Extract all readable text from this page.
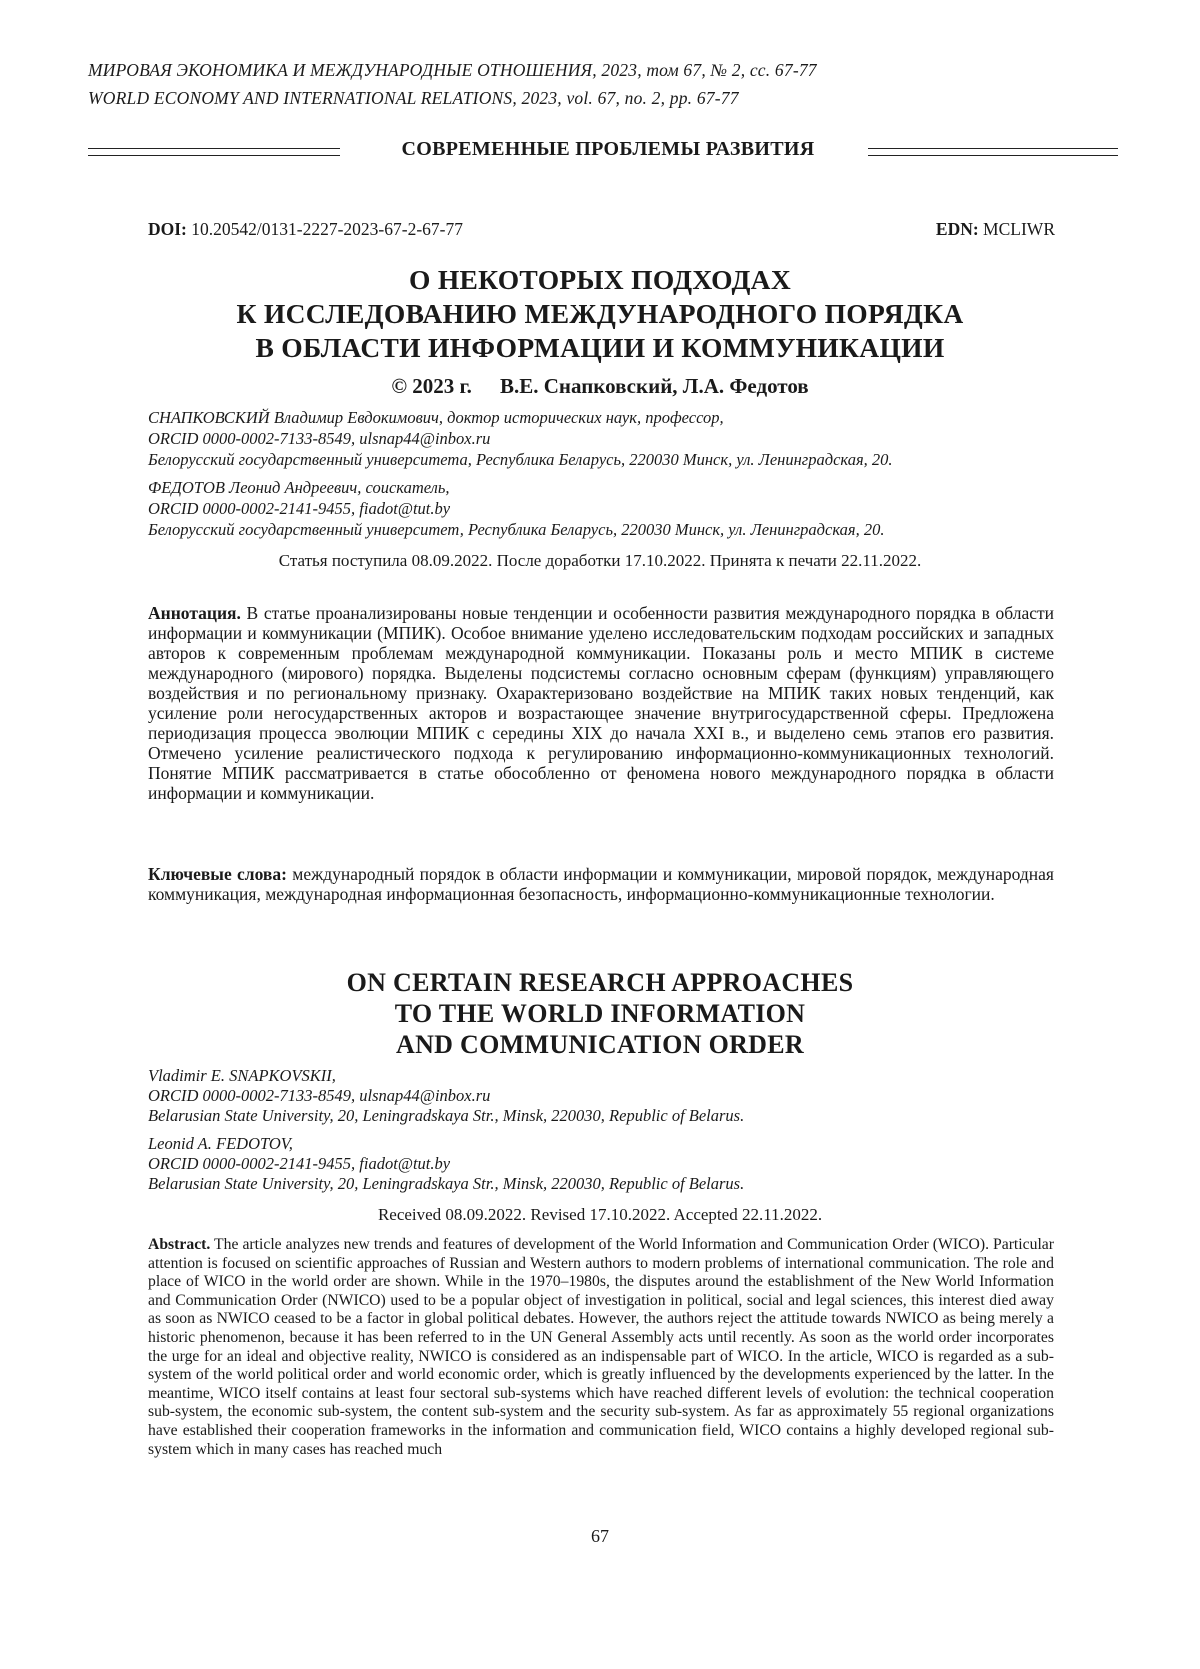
МИРОВАЯ ЭКОНОМИКА И МЕЖДУНАРОДНЫЕ ОТНОШЕНИЯ, 2023, том 67, № 2, сс. 67-77
WORLD ECONOMY AND INTERNATIONAL RELATIONS, 2023, vol. 67, no. 2, pp. 67-77
СОВРЕМЕННЫЕ ПРОБЛЕМЫ РАЗВИТИЯ
DOI: 10.20542/0131-2227-2023-67-2-67-77	EDN: MCLIWR
О НЕКОТОРЫХ ПОДХОДАХ
К ИССЛЕДОВАНИЮ МЕЖДУНАРОДНОГО ПОРЯДКА
В ОБЛАСТИ ИНФОРМАЦИИ И КОММУНИКАЦИИ
© 2023 г. В.Е. Снапковский, Л.А. Федотов
СНАПКОВСКИЙ Владимир Евдокимович, доктор исторических наук, профессор,
ORCID 0000-0002-7133-8549, ulsnap44@inbox.ru
Белорусский государственный университета, Республика Беларусь, 220030 Минск, ул. Ленинградская, 20.
ФЕДОТОВ Леонид Андреевич, соискатель,
ORCID 0000-0002-2141-9455, fiadot@tut.by
Белорусский государственный университет, Республика Беларусь, 220030 Минск, ул. Ленинградская, 20.
Статья поступила 08.09.2022. После доработки 17.10.2022. Принята к печати 22.11.2022.
Аннотация. В статье проанализированы новые тенденции и особенности развития международного порядка в области информации и коммуникации (МПИК). Особое внимание уделено исследовательским подходам российских и западных авторов к современным проблемам международной коммуникации. Показаны роль и место МПИК в системе международного (мирового) порядка. Выделены подсистемы согласно основным сферам (функциям) управляющего воздействия и по региональному признаку. Охарактеризовано воздействие на МПИК таких новых тенденций, как усиление роли негосударственных акторов и возрастающее значение внутригосударственной сферы. Предложена периодизация процесса эволюции МПИК с середины XIX до начала XXI в., и выделено семь этапов его развития. Отмечено усиление реалистического подхода к регулированию информационно-коммуникационных технологий. Понятие МПИК рассматривается в статье обособленно от феномена нового международного порядка в области информации и коммуникации.
Ключевые слова: международный порядок в области информации и коммуникации, мировой порядок, международная коммуникация, международная информационная безопасность, информационно-коммуникационные технологии.
ON CERTAIN RESEARCH APPROACHES
TO THE WORLD INFORMATION
AND COMMUNICATION ORDER
Vladimir E. SNAPKOVSKII,
ORCID 0000-0002-7133-8549, ulsnap44@inbox.ru
Belarusian State University, 20, Leningradskaya Str., Minsk, 220030, Republic of Belarus.
Leonid A. FEDOTOV,
ORCID 0000-0002-2141-9455, fiadot@tut.by
Belarusian State University, 20, Leningradskaya Str., Minsk, 220030, Republic of Belarus.
Received 08.09.2022. Revised 17.10.2022. Accepted 22.11.2022.
Abstract. The article analyzes new trends and features of development of the World Information and Communication Order (WICO). Particular attention is focused on scientific approaches of Russian and Western authors to modern problems of international communication. The role and place of WICO in the world order are shown. While in the 1970–1980s, the disputes around the establishment of the New World Information and Communication Order (NWICO) used to be a popular object of investigation in political, social and legal sciences, this interest died away as soon as NWICO ceased to be a factor in global political debates. However, the authors reject the attitude towards NWICO as being merely a historic phenomenon, because it has been referred to in the UN General Assembly acts until recently. As soon as the world order incorporates the urge for an ideal and objective reality, NWICO is considered as an indispensable part of WICO. In the article, WICO is regarded as a sub-system of the world political order and world economic order, which is greatly influenced by the developments experienced by the latter. In the meantime, WICO itself contains at least four sectoral sub-systems which have reached different levels of evolution: the technical cooperation sub-system, the economic sub-system, the content sub-system and the security sub-system. As far as approximately 55 regional organizations have established their cooperation frameworks in the information and communication field, WICO contains a highly developed regional sub-system which in many cases has reached much
67
